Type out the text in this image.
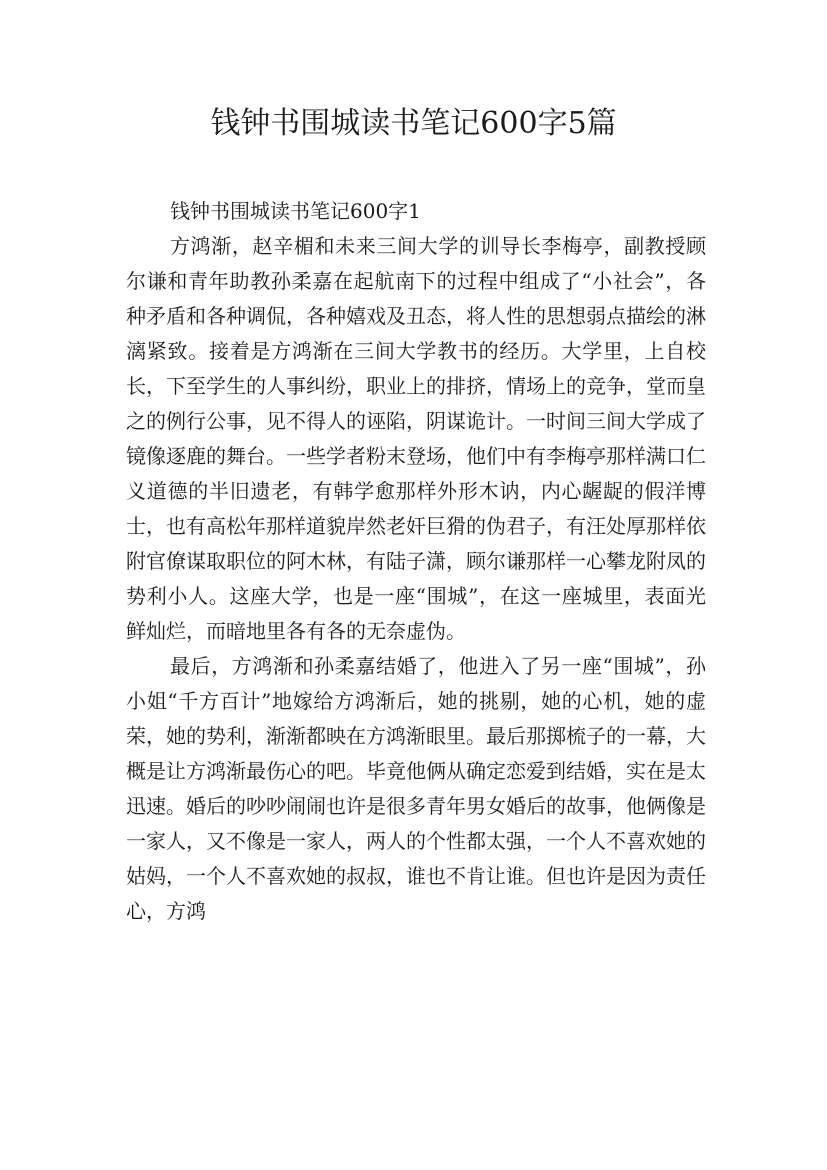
钱钟书围城读书笔记600字5篇

钱钟书围城读书笔记600字1

方鸿渐，赵辛楣和未来三间大学的训导长李梅亭，副教授顾尔谦和青年助教孙柔嘉在起航南下的过程中组成了“小社会”，各种矛盾和各种调侃，各种嬉戏及丑态，将人性的思想弱点描绘的淋漓紧致。接着是方鸿渐在三间大学教书的经历。大学里，上自校长，下至学生的人事纠纷，职业上的排挤，情场上的竞争，堂而皇之的例行公事，见不得人的诬陷，阴谋诡计。一时间三间大学成了镜像逐鹿的舞台。一些学者粉末登场，他们中有李梅亭那样满口仁义道德的半旧遗老，有韩学愈那样外形木讷，内心龌龊的假洋博士，也有高松年那样道貌岸然老奸巨猾的伪君子，有汪处厚那样依附官僚谋取职位的阿木林，有陆子潇，顾尔谦那样一心攀龙附凤的势利小人。这座大学，也是一座“围城”，在这一座城里，表面光鲜灿烂，而暗地里各有各的无奈虚伪。

最后，方鸿渐和孙柔嘉结婚了，他进入了另一座“围城”，孙小姐“千方百计”地嫁给方鸿渐后，她的挑剔，她的心机，她的虚荣，她的势利，渐渐都映在方鸿渐眼里。最后那掷梳子的一幕，大概是让方鸿渐最伤心的吧。毕竟他俩从确定恋爱到结婚，实在是太迅速。婚后的吵吵闹闹也许是很多青年男女婚后的故事，他俩像是一家人，又不像是一家人，两人的个性都太强，一个人不喜欢她的姑妈，一个人不喜欢她的叔叔，谁也不肯让谁。但也许是因为责任心，方鸿
